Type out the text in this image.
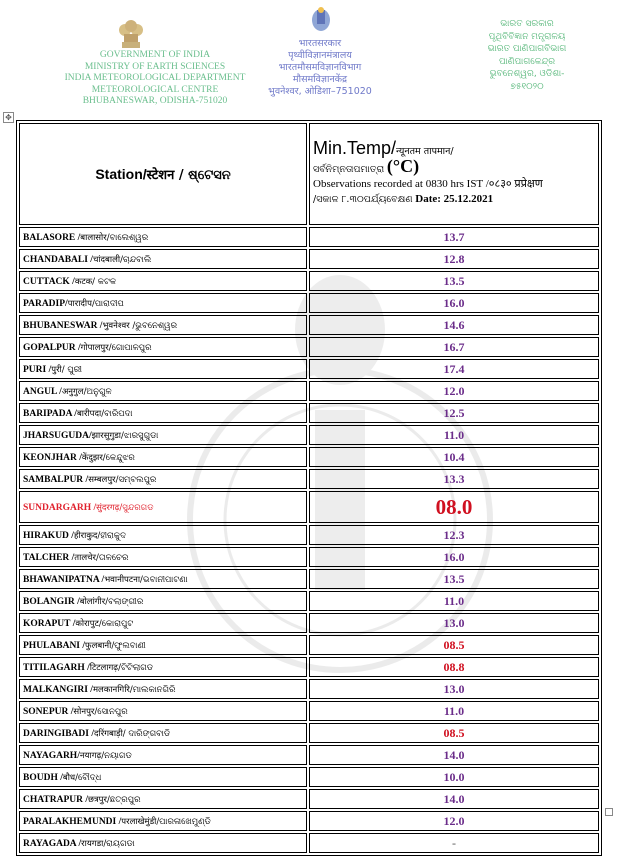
GOVERNMENT OF INDIA
MINISTRY OF EARTH SCIENCES
INDIA METEOROLOGICAL DEPARTMENT
METEOROLOGICAL CENTRE
BHUBANESWAR, ODISHA-751020
भारतसरकार
पृथ्वीविज्ञानमंत्रालय
भारतमौसमविज्ञानविभाग
मौसमविज्ञानकेंद्र
भुवनेश्वर, ओडिशा–751020
ଭାରତ ସରକାର
ପୃଥିବିବିଜ୍ଞାନ ମନ୍ତ୍ରାଳୟ
ଭାରତ ପାଣିପାଗବିଭାଗ
ପାଣିପାଗକେନ୍ଦ୍ର
ଭୁବନେଶ୍ୱର, ଓଡିଶା-
୭୫୧୦୨୦
✥
Station/स्टेशन / ଷ୍ଟେସନ	Min.Temp/न्यूनतम तापमान/
ସର୍ବନିମ୍ନତାପମାତ୍ରା (°C)
Observations recorded at 0830 hrs IST /०८३० प्रप्रेक्षण
/ସକାଳ ୮.୩୦ପର୍ଯ୍ୟବେକ୍ଷଣ Date: 25.12.2021

BALASORE /बालासोर/ବାଲେଶ୍ୱର	13.7
CHANDABALI /चांदबाली/ଚାନ୍ଦବାଲି	12.8
CUTTACK /कटक/ କଟକ	13.5
PARADIP/पारादीप/ପାରାଦୀପ	16.0
BHUBANESWAR /भुवनेश्वर /ଭୁବନେଶ୍ୱର	14.6
GOPALPUR /गोपालपुर/ଗୋପାଳପୁର	16.7
PURI /पुरी/ ପୁରୀ	17.4
ANGUL /अनुगुल/ଅନୁଗୁଳ	12.0
BARIPADA /बारीपदा/ବାରିପଦା	12.5
JHARSUGUDA/झारसुगुडा/ଝାରସୁଗୁଡା	11.0
KEONJHAR /केंदुझर/କେନ୍ଦୁଝର	10.4
SAMBALPUR /सम्बलपुर/ସମ୍ବଲପୁର	13.3
SUNDARGARH /सुंदरगढ़/ସୁନ୍ଦରଗଡ	08.0
HIRAKUD /हीराकुद/ହୀରାକୁଦ	12.3
TALCHER /तालचेर/ତାଳଚେର	16.0
BHAWANIPATNA /भवानीपटना/ଭବାନୀପାଟଣା	13.5
BOLANGIR /बोलांगीर/ବଲାଙ୍ଗୀର	11.0
KORAPUT /कोरापुट/କୋରାପୁଟ	13.0
PHULABANI /फुलबानी/ଫୁଲବାଣୀ	08.5
TITILAGARH /टिटलागढ़/ଟିଟିଲାଗଡ	08.8
MALKANGIRI /मलकानगिरि/ମାଲକାନଗିରି	13.0
SONEPUR /सोनपुर/ସୋନପୁର	11.0
DARINGIBADI /दरिंगबाड़ी/ ଦାରିଙ୍ଗବାଡି	08.5
NAYAGARH/नयागढ़/ନୟାଗଡ	14.0
BOUDH /बौध/ବୌଦ୍ଧ	10.0
CHATRAPUR /छत्रपुर/ଛତ୍ରପୁର	14.0
PARALAKHEMUNDI /परलाखेमुंडी/ପାରଳାଖେମୁଣ୍ଡି	12.0
RAYAGADA /रायगडा/ରାୟଗଡା	-
